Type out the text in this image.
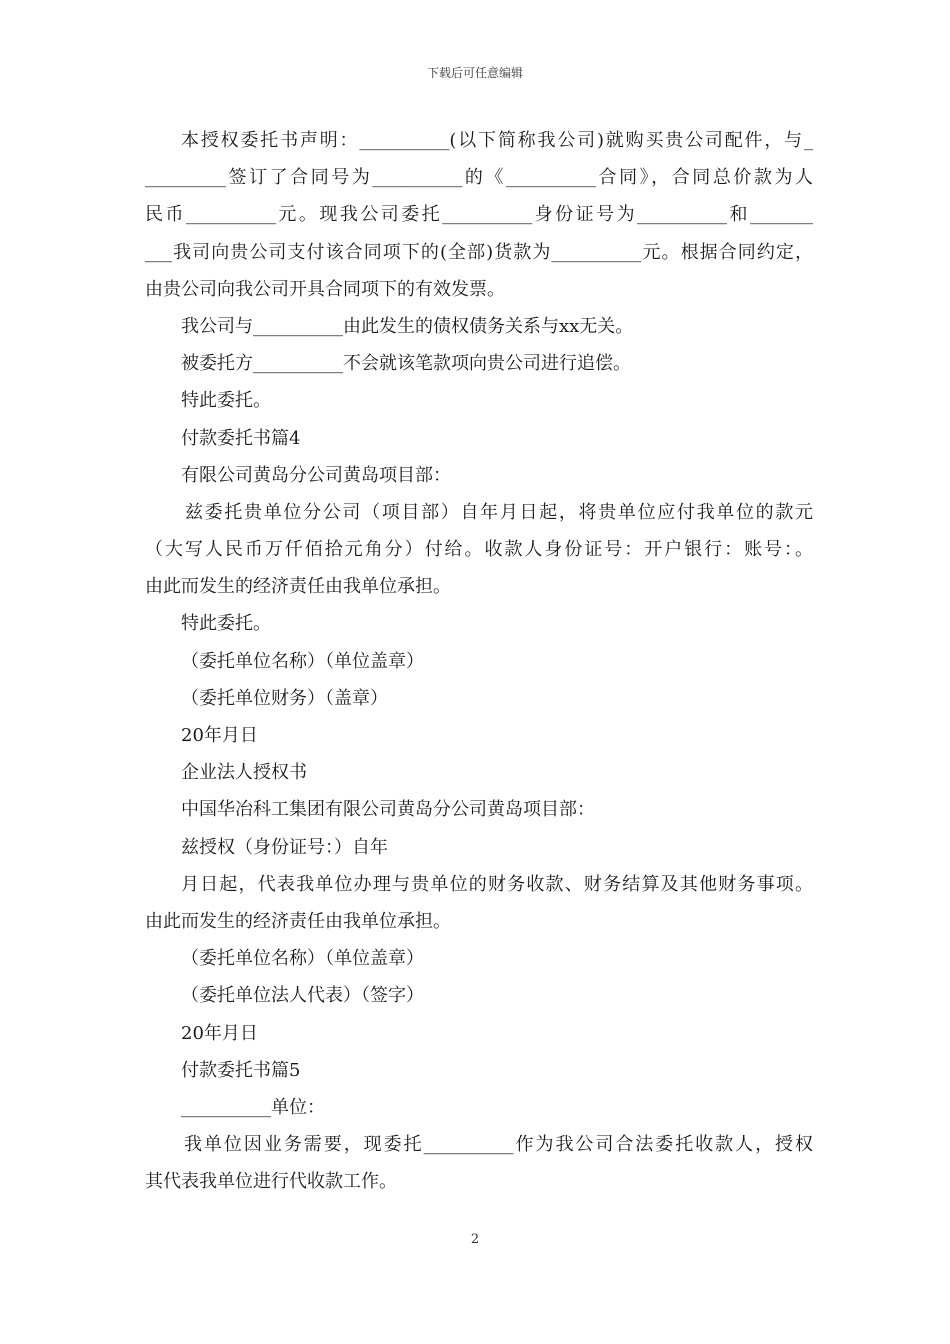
下载后可任意编辑
本授权委托书声明：__________(以下简称我公司)就购买贵公司配件，与_
_________签订了合同号为__________的《__________合同》，合同总价款为人
民币__________元。现我公司委托__________身份证号为__________和_______
___我司向贵公司支付该合同项下的(全部)货款为__________元。根据合同约定，
由贵公司向我公司开具合同项下的有效发票。
我公司与__________由此发生的债权债务关系与xx无关。
被委托方__________不会就该笔款项向贵公司进行追偿。
特此委托。
付款委托书篇4
有限公司黄岛分公司黄岛项目部：
兹委托贵单位分公司（项目部）自年月日起，将贵单位应付我单位的款元
（大写人民币万仟佰拾元角分）付给。收款人身份证号：开户银行：账号：。
由此而发生的经济责任由我单位承担。
特此委托。
（委托单位名称）（单位盖章）
（委托单位财务）（盖章）
20年月日
企业法人授权书
中国华冶科工集团有限公司黄岛分公司黄岛项目部：
兹授权（身份证号：）自年
月日起，代表我单位办理与贵单位的财务收款、财务结算及其他财务事项。
由此而发生的经济责任由我单位承担。
（委托单位名称）（单位盖章）
（委托单位法人代表）（签字）
20年月日
付款委托书篇5
__________单位：
我单位因业务需要，现委托__________作为我公司合法委托收款人，授权
其代表我单位进行代收款工作。
2
